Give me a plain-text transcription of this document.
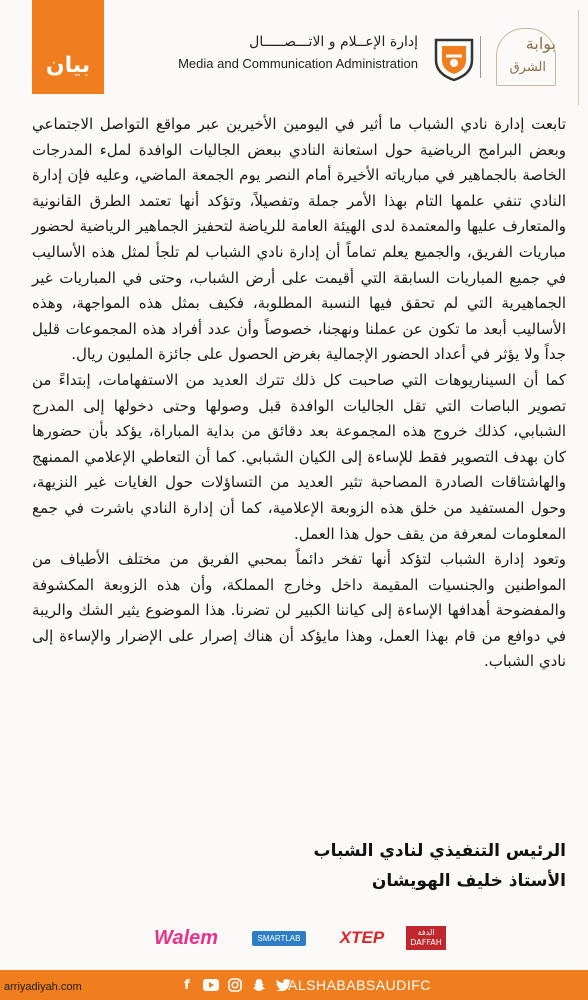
بيان
إدارة الإعــلام و الاتـــصـــــال
Media and Communication Administration
بوابة
الشرق

تابعت إدارة نادي الشباب ما أثير في اليومين الأخيرين عبر مواقع التواصل الاجتماعي وبعض البرامج الرياضية حول استعانة النادي ببعض الجاليات الوافدة لملء المدرجات الخاصة بالجماهير في مبارياته الأخيرة أمام النصر يوم الجمعة الماضي، وعليه فإن إدارة النادي تنفي علمها التام بهذا الأمر جملة وتفصيلاً، وتؤكد أنها تعتمد الطرق القانونية والمتعارف عليها والمعتمدة لدى الهيئة العامة للرياضة لتحفيز الجماهير الرياضية لحضور مباريات الفريق، والجميع يعلم تماماً أن إدارة نادي الشباب لم تلجأ لمثل هذه الأساليب في جميع المباريات السابقة التي أقيمت على أرض الشباب، وحتى في المباريات غير الجماهيرية التي لم تحقق فيها النسبة المطلوبة، فكيف بمثل هذه المواجهة، وهذه الأساليب أبعد ما تكون عن عملنا ونهجنا، خصوصاً وأن عدد أفراد هذه المجموعات قليل جداً ولا يؤثر في أعداد الحضور الإجمالية بغرض الحصول على جائزة المليون ريال.

كما أن السيناريوهات التي صاحبت كل ذلك تترك العديد من الاستفهامات، إبتداءً من تصوير الباصات التي تقل الجاليات الوافدة قبل وصولها وحتى دخولها إلى المدرج الشبابي، كذلك خروج هذه المجموعة بعد دقائق من بداية المباراة، يؤكد بأن حضورها كان بهدف التصوير فقط للإساءة إلى الكيان الشبابي. كما أن التعاطي الإعلامي الممنهج والهاشتاقات الصادرة المصاحبة تثير العديد من التساؤلات حول الغايات غير النزيهة، وحول المستفيد من خلق هذه الزوبعة الإعلامية، كما أن إدارة النادي باشرت في جمع المعلومات لمعرفة من يقف حول هذا العمل.

وتعود إدارة الشباب لتؤكد أنها تفخر دائماً بمحبي الفريق من مختلف الأطياف من المواطنين والجنسيات المقيمة داخل وخارج المملكة، وأن هذه الزوبعة المكشوفة والمفضوحة أهدافها الإساءة إلى كياننا الكبير لن تضرنا. هذا الموضوع يثير الشك والريبة في دوافع من قام بهذا العمل، وهذا مايؤكد أن هناك إصرار على الإضرار والإساءة إلى نادي الشباب.

الرئيس التنفيذي لنادي الشباب
الأستاذ خليف الهويشان
Walem	SMARTLAB	XTEP	الدفة
DAFFAH
arriyadiyah.com	f	ALSHABABSAUDIFC
